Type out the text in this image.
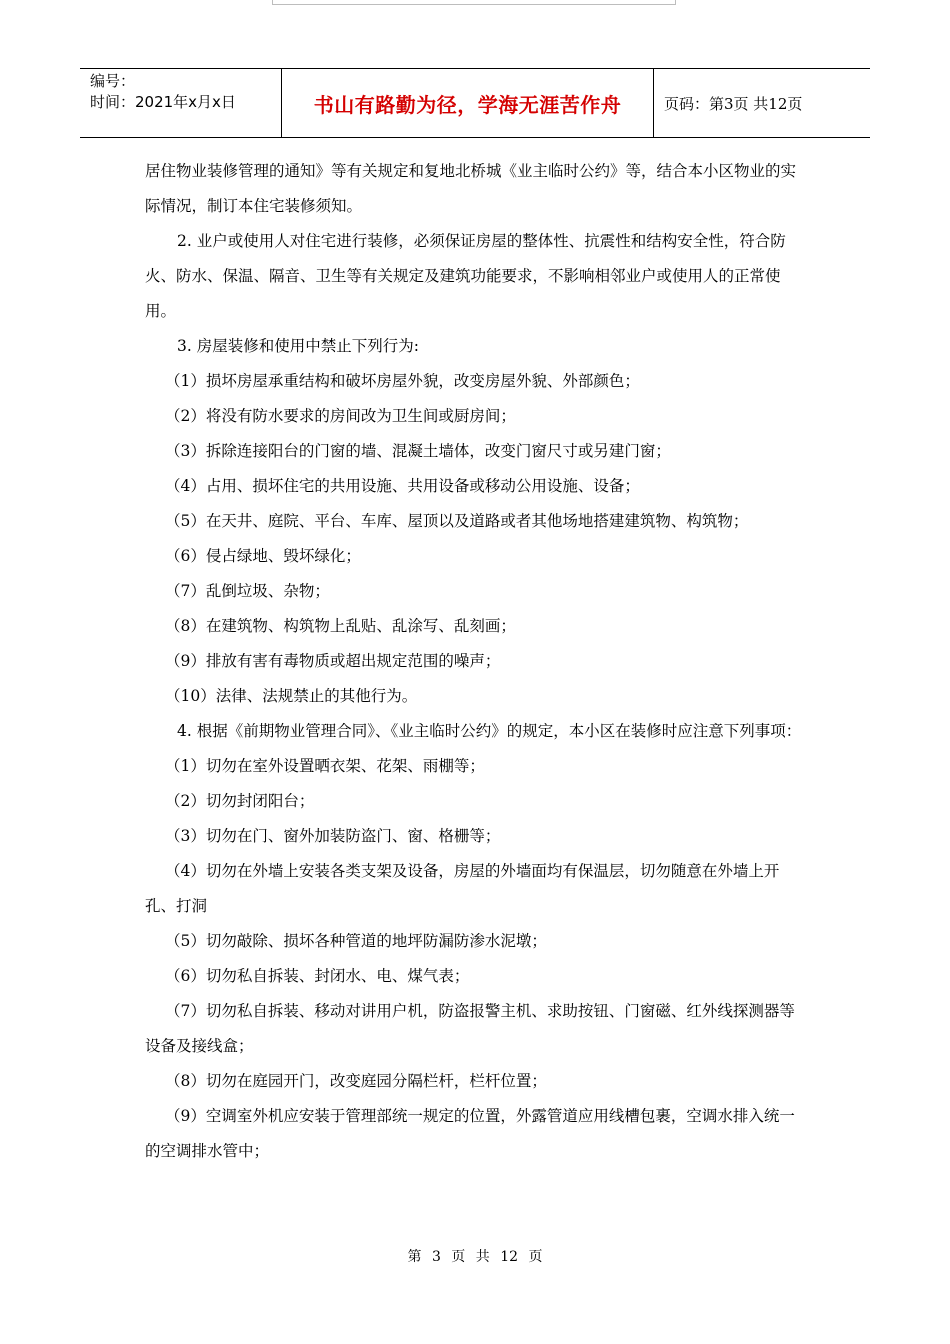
编号：
时间：2021年x月x日	书山有路勤为径，学海无涯苦作舟	页码：第3页 共12页

居住物业装修管理的通知》等有关规定和复地北桥城《业主临时公约》等，结合本小区物业的实际情况，制订本住宅装修须知。

2. 业户或使用人对住宅进行装修，必须保证房屋的整体性、抗震性和结构安全性，符合防火、防水、保温、隔音、卫生等有关规定及建筑功能要求，不影响相邻业户或使用人的正常使用。

3. 房屋装修和使用中禁止下列行为:

（1）损坏房屋承重结构和破坏房屋外貌，改变房屋外貌、外部颜色；

（2）将没有防水要求的房间改为卫生间或厨房间；

（3）拆除连接阳台的门窗的墙、混凝土墙体，改变门窗尺寸或另建门窗；

（4）占用、损坏住宅的共用设施、共用设备或移动公用设施、设备；

（5）在天井、庭院、平台、车库、屋顶以及道路或者其他场地搭建建筑物、构筑物；

（6）侵占绿地、毁坏绿化；

（7）乱倒垃圾、杂物；

（8）在建筑物、构筑物上乱贴、乱涂写、乱刻画；

（9）排放有害有毒物质或超出规定范围的噪声；

（10）法律、法规禁止的其他行为。

4. 根据《前期物业管理合同》、《业主临时公约》的规定，本小区在装修时应注意下列事项：

（1）切勿在室外设置晒衣架、花架、雨棚等；

（2）切勿封闭阳台；

（3）切勿在门、窗外加装防盗门、窗、格栅等；

（4）切勿在外墙上安装各类支架及设备，房屋的外墙面均有保温层，切勿随意在外墙上开孔、打洞

（5）切勿敲除、损坏各种管道的地坪防漏防渗水泥墩；

（6）切勿私自拆装、封闭水、电、煤气表；

（7）切勿私自拆装、移动对讲用户机，防盗报警主机、求助按钮、门窗磁、红外线探测器等设备及接线盒；

（8）切勿在庭园开门，改变庭园分隔栏杆，栏杆位置；

（9）空调室外机应安装于管理部统一规定的位置，外露管道应用线槽包裹，空调水排入统一的空调排水管中；

第 3 页 共 12 页
